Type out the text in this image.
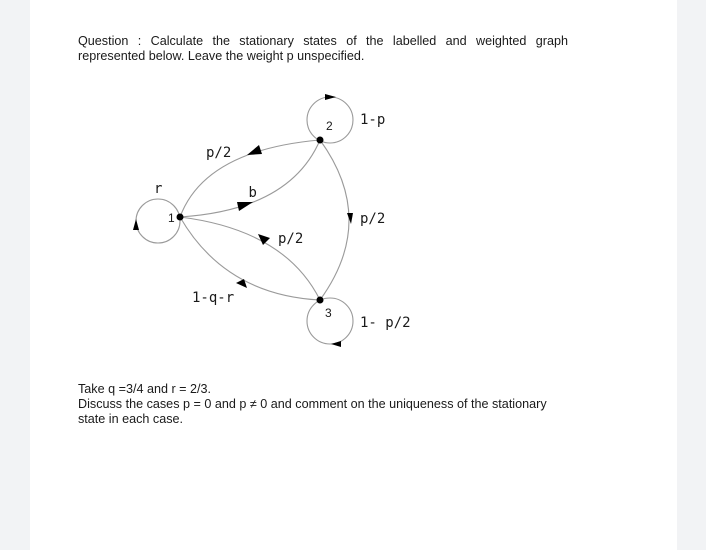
Question : Calculate the stationary states of the labelled and weighted graph represented below. Leave the weight p unspecified.
1
2
3
r	q
p/2
p/2
1-q-r
1-p
p/2
1- p/2
Take q =3/4 and r = 2/3.
Discuss the cases p = 0 and p ≠ 0 and comment on the uniqueness of the stationary
state in each case.
